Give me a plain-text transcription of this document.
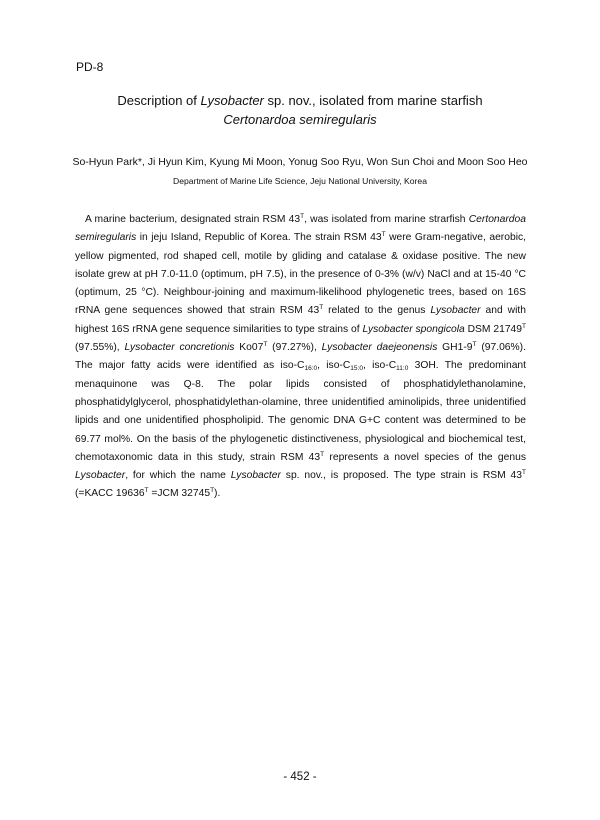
PD-8
Description of Lysobacter sp. nov., isolated from marine starfish
Certonardoa semiregularis
So-Hyun Park*, Ji Hyun Kim, Kyung Mi Moon, Yonug Soo Ryu, Won Sun Choi and Moon Soo Heo
Department of Marine Life Science, Jeju National University, Korea

A marine bacterium, designated strain RSM $43^T$, was isolated from marine strarfish Certonardoa semiregularis in jeju Island, Republic of Korea. The strain RSM $43^T$ were Gram-negative, aerobic, yellow pigmented, rod shaped cell, motile by gliding and catalase & oxidase positive. The new isolate grew at pH 7.0-11.0 (optimum, pH 7.5), in the presence of 0-3% (w/v) NaCl and at 15-40 °C (optimum, 25 °C). Neighbour-joining and maximum-likelihood phylogenetic trees, based on 16S rRNA gene sequences showed that strain RSM $43^T$ related to the genus Lysobacter and with highest 16S rRNA gene sequence similarities to type strains of Lysobacter spongicola DSM $21749^T$ (97.55%), Lysobacter concretionis $Ko07^T$ (97.27%), Lysobacter daejeonensis $GH1-9^T$ (97.06%). The major fatty acids were identified as iso-$C_{16:0}$, iso-$C_{15:0}$, iso-$C_{11:0}$ 3OH. The predominant menaquinone was Q-8. The polar lipids consisted of phosphatidylethanolamine, phosphatidylglycerol, phosphatidylethan-olamine, three unidentified aminolipids, three unidentified lipids and one unidentified phospholipid. The genomic DNA G+C content was determined to be 69.77 mol%. On the basis of the phylogenetic distinctiveness, physiological and biochemical test, chemotaxonomic data in this study, strain RSM $43^T$ represents a novel species of the genus Lysobacter, for which the name Lysobacter sp. nov., is proposed. The type strain is RSM $43^T$ (=KACC $19636^T =JCM$ $32745^T$).

- 452 -
